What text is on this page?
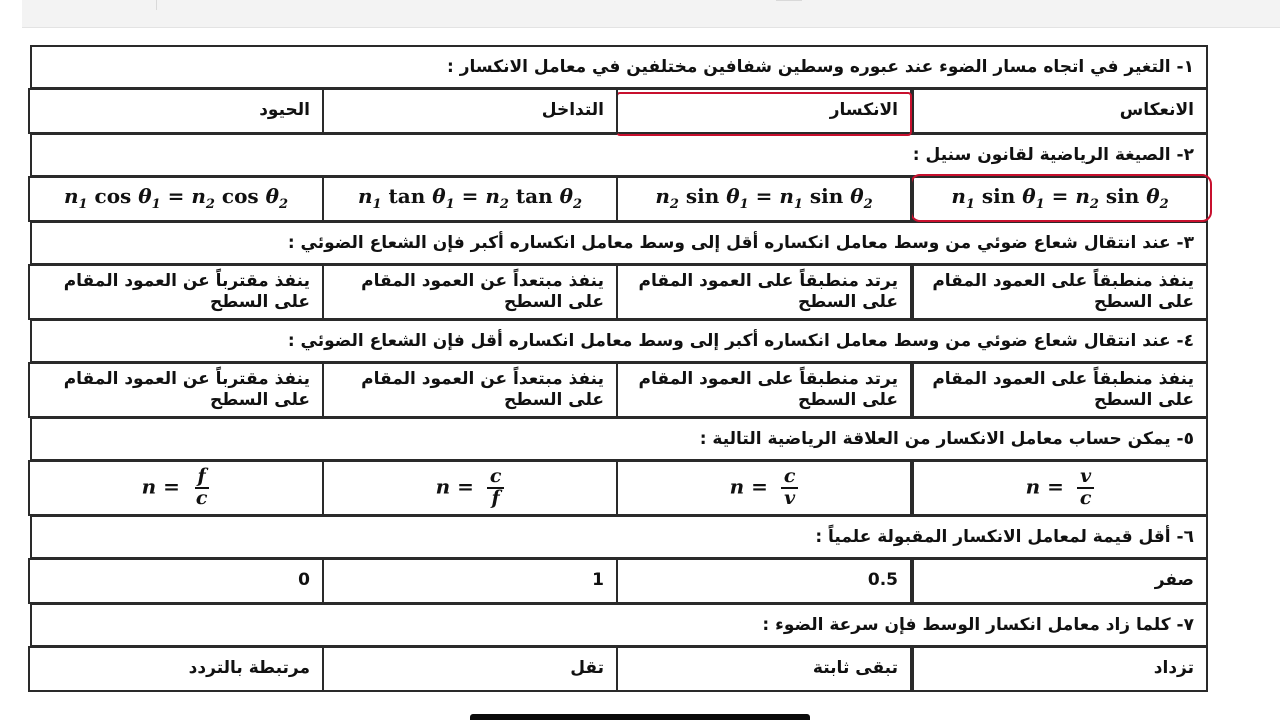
١- التغير في اتجاه مسار الضوء عند عبوره وسطين شفافين مختلفين في معامل الانكسار :
الانعكاس
الانكسار
التداخل
الحيود
٢- الصيغة الرياضية لقانون سنيل :
$n_1$ $\sin \theta_1 = n_2$ $\sin \theta_2$
$n_2$ $\sin \theta_1 = n_1$ $\sin \theta_2$
$n_1$ $\tan \theta_1 = n_2$ $\tan \theta_2$
$n_1$ $\cos \theta_1 = n_2$ $\cos \theta_2$
٣- عند انتقال شعاع ضوئي من وسط معامل انكساره أقل إلى وسط معامل انكساره أكبر فإن الشعاع الضوئي :
ينفذ منطبقاً على العمود المقام على السطح
يرتد منطبقاً على العمود المقام على السطح
ينفذ مبتعداً عن العمود المقام على السطح
ينفذ مقترباً عن العمود المقام على السطح
٤- عند انتقال شعاع ضوئي من وسط معامل انكساره أكبر إلى وسط معامل انكساره أقل فإن الشعاع الضوئي :
ينفذ منطبقاً على العمود المقام على السطح
يرتد منطبقاً على العمود المقام على السطح
ينفذ مبتعداً عن العمود المقام على السطح
ينفذ مقترباً عن العمود المقام على السطح
٥- يمكن حساب معامل الانكسار من العلاقة الرياضية التالية :
$n = \frac{v}{c}$
$n = \frac{c}{v}$
$n = \frac{c}{f}$
$n = \frac{f}{c}$
٦- أقل قيمة لمعامل الانكسار المقبولة علمياً :
صفر
0.5
1
0
٧- كلما زاد معامل انكسار الوسط فإن سرعة الضوء :
تزداد
تبقى ثابتة
تقل
مرتبطة بالتردد
